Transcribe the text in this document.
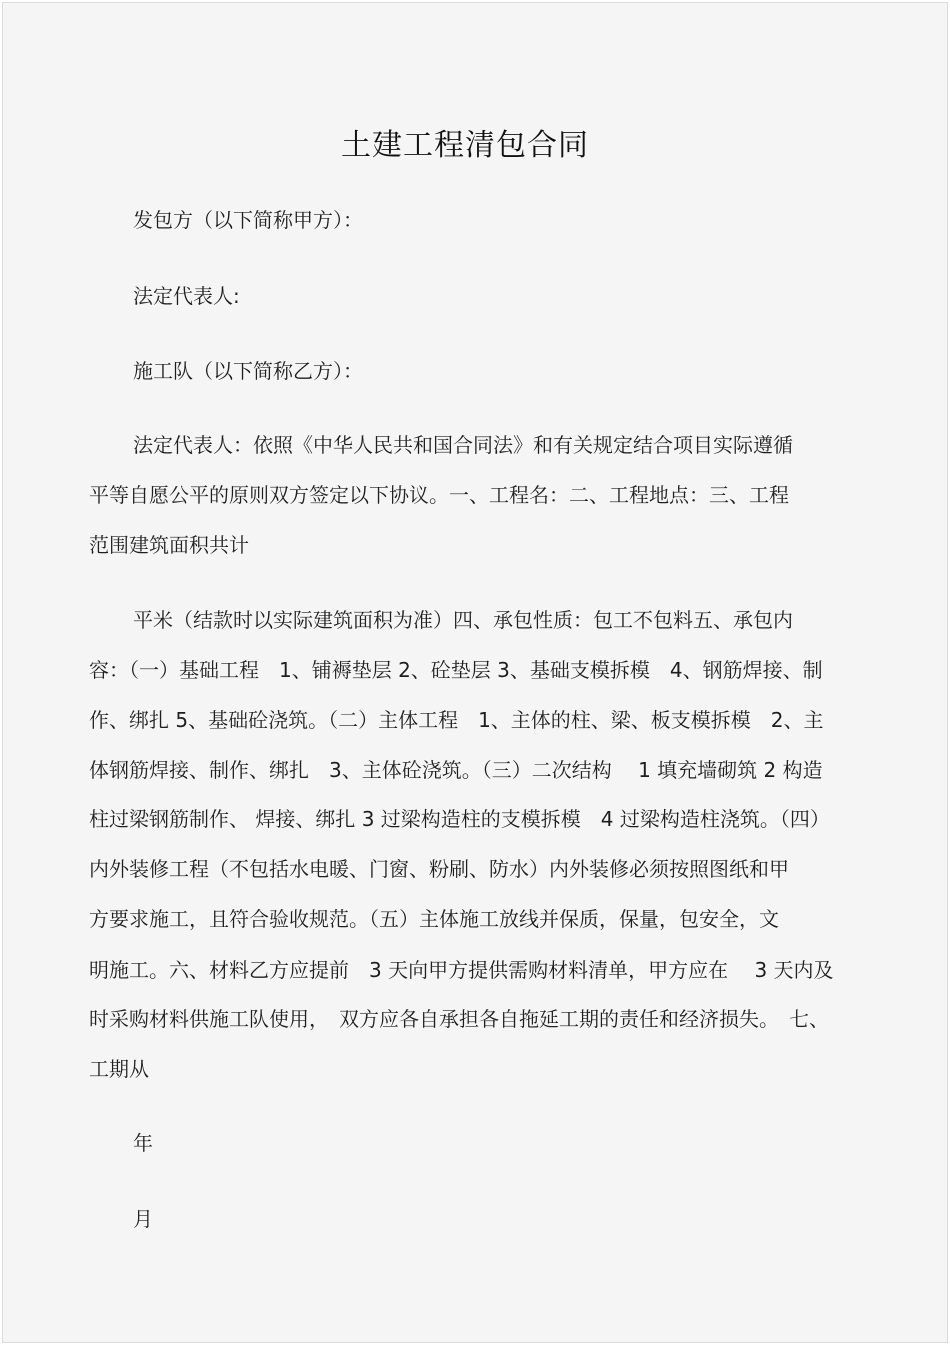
土建工程清包合同
发包方（以下简称甲方）：
法定代表人:
施工队（以下简称乙方）：
法定代表人：依照《中华人民共和国合同法》和有关规定结合项目实际遵循
平等自愿公平的原则双方签定以下协议。一、工程名：二、工程地点：三、工程
范围建筑面积共计
平米（结款时以实际建筑面积为准）四、承包性质：包工不包料五、承包内
容：（一）基础工程　1、铺褥垫层 2、砼垫层 3、基础支模拆模　4、钢筋焊接、制
作、绑扎 5、基础砼浇筑。（二）主体工程　1、主体的柱、梁、板支模拆模　2、主
体钢筋焊接、制作、绑扎　3、主体砼浇筑。（三）二次结构　 1 填充墙砌筑 2 构造
柱过梁钢筋制作、 焊接、绑扎 3 过梁构造柱的支模拆模　4 过梁构造柱浇筑。（四）
内外装修工程（不包括水电暖、门窗、粉刷、防水）内外装修必须按照图纸和甲
方要求施工，且符合验收规范。（五）主体施工放线并保质，保量，包安全，文
明施工。六、材料乙方应提前　3 天向甲方提供需购材料清单，甲方应在　 3 天内及
时采购材料供施工队使用，　双方应各自承担各自拖延工期的责任和经济损失。　七、
工期从
年
月
